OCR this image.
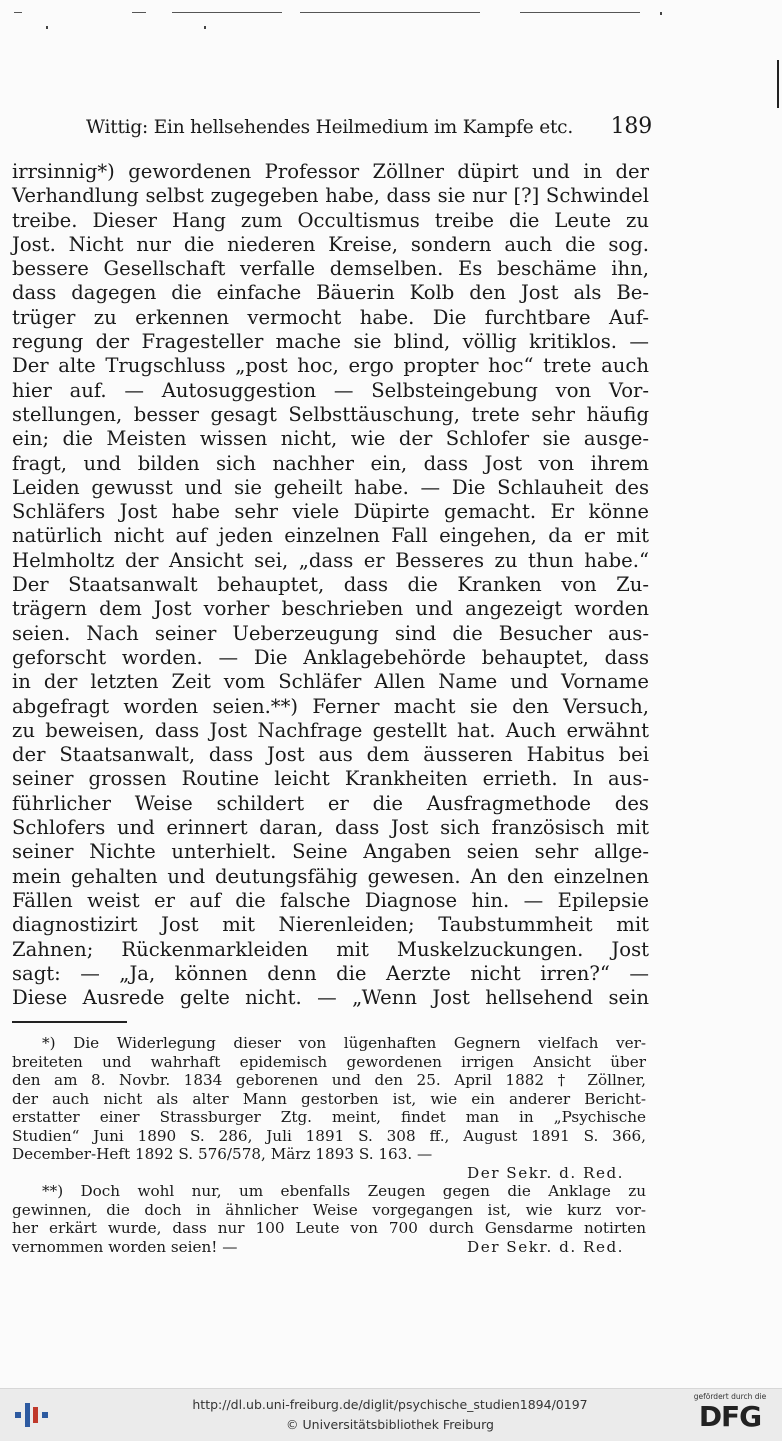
Wittig: Ein hellsehendes Heilmedium im Kampfe etc. 189
irrsinnig*) gewordenen Professor Zöllner düpirt und in der
Verhandlung selbst zugegeben habe, dass sie nur [?] Schwindel
treibe. Dieser Hang zum Occultismus treibe die Leute zu
Jost. Nicht nur die niederen Kreise, sondern auch die sog.
bessere Gesellschaft verfalle demselben. Es beschäme ihn,
dass dagegen die einfache Bäuerin Kolb den Jost als Be-
trüger zu erkennen vermocht habe. Die furchtbare Auf-
regung der Fragesteller mache sie blind, völlig kritiklos. —
Der alte Trugschluss „post hoc, ergo propter hoc“ trete auch
hier auf. — Autosuggestion — Selbsteingebung von Vor-
stellungen, besser gesagt Selbsttäuschung, trete sehr häufig
ein; die Meisten wissen nicht, wie der Schlofer sie ausge-
fragt, und bilden sich nachher ein, dass Jost von ihrem
Leiden gewusst und sie geheilt habe. — Die Schlauheit des
Schläfers Jost habe sehr viele Düpirte gemacht. Er könne
natürlich nicht auf jeden einzelnen Fall eingehen, da er mit
Helmholtz der Ansicht sei, „dass er Besseres zu thun habe.“
Der Staatsanwalt behauptet, dass die Kranken von Zu-
trägern dem Jost vorher beschrieben und angezeigt worden
seien. Nach seiner Ueberzeugung sind die Besucher aus-
geforscht worden. — Die Anklagebehörde behauptet, dass
in der letzten Zeit vom Schläfer Allen Name und Vorname
abgefragt worden seien.**) Ferner macht sie den Versuch,
zu beweisen, dass Jost Nachfrage gestellt hat. Auch erwähnt
der Staatsanwalt, dass Jost aus dem äusseren Habitus bei
seiner grossen Routine leicht Krankheiten errieth. In aus-
führlicher Weise schildert er die Ausfragmethode des
Schlofers und erinnert daran, dass Jost sich französisch mit
seiner Nichte unterhielt. Seine Angaben seien sehr allge-
mein gehalten und deutungsfähig gewesen. An den einzelnen
Fällen weist er auf die falsche Diagnose hin. — Epilepsie
diagnostizirt Jost mit Nierenleiden; Taubstummheit mit
Zahnen; Rückenmarkleiden mit Muskelzuckungen. Jost
sagt: — „Ja, können denn die Aerzte nicht irren?“ —
Diese Ausrede gelte nicht. — „Wenn Jost hellsehend sein
*) Die Widerlegung dieser von lügenhaften Gegnern vielfach ver-
breiteten und wahrhaft epidemisch gewordenen irrigen Ansicht über
den am 8. Novbr. 1834 geborenen und den 25. April 1882 † Zöllner,
der auch nicht als alter Mann gestorben ist, wie ein anderer Bericht-
erstatter einer Strassburger Ztg. meint, findet man in „Psychische
Studien“ Juni 1890 S. 286, Juli 1891 S. 308 ff., August 1891 S. 366,
December-Heft 1892 S. 576/578, März 1893 S. 163. —
Der Sekr. d. Red.
**) Doch wohl nur, um ebenfalls Zeugen gegen die Anklage zu
gewinnen, die doch in ähnlicher Weise vorgegangen ist, wie kurz vor-
her erkärt wurde, dass nur 100 Leute von 700 durch Gensdarme notirten
vernommen worden seien! —	Der Sekr. d. Red.
http://dl.ub.uni-freiburg.de/diglit/psychische_studien1894/0197
© Universitätsbibliothek Freiburg
gefördert durch die
DFG
